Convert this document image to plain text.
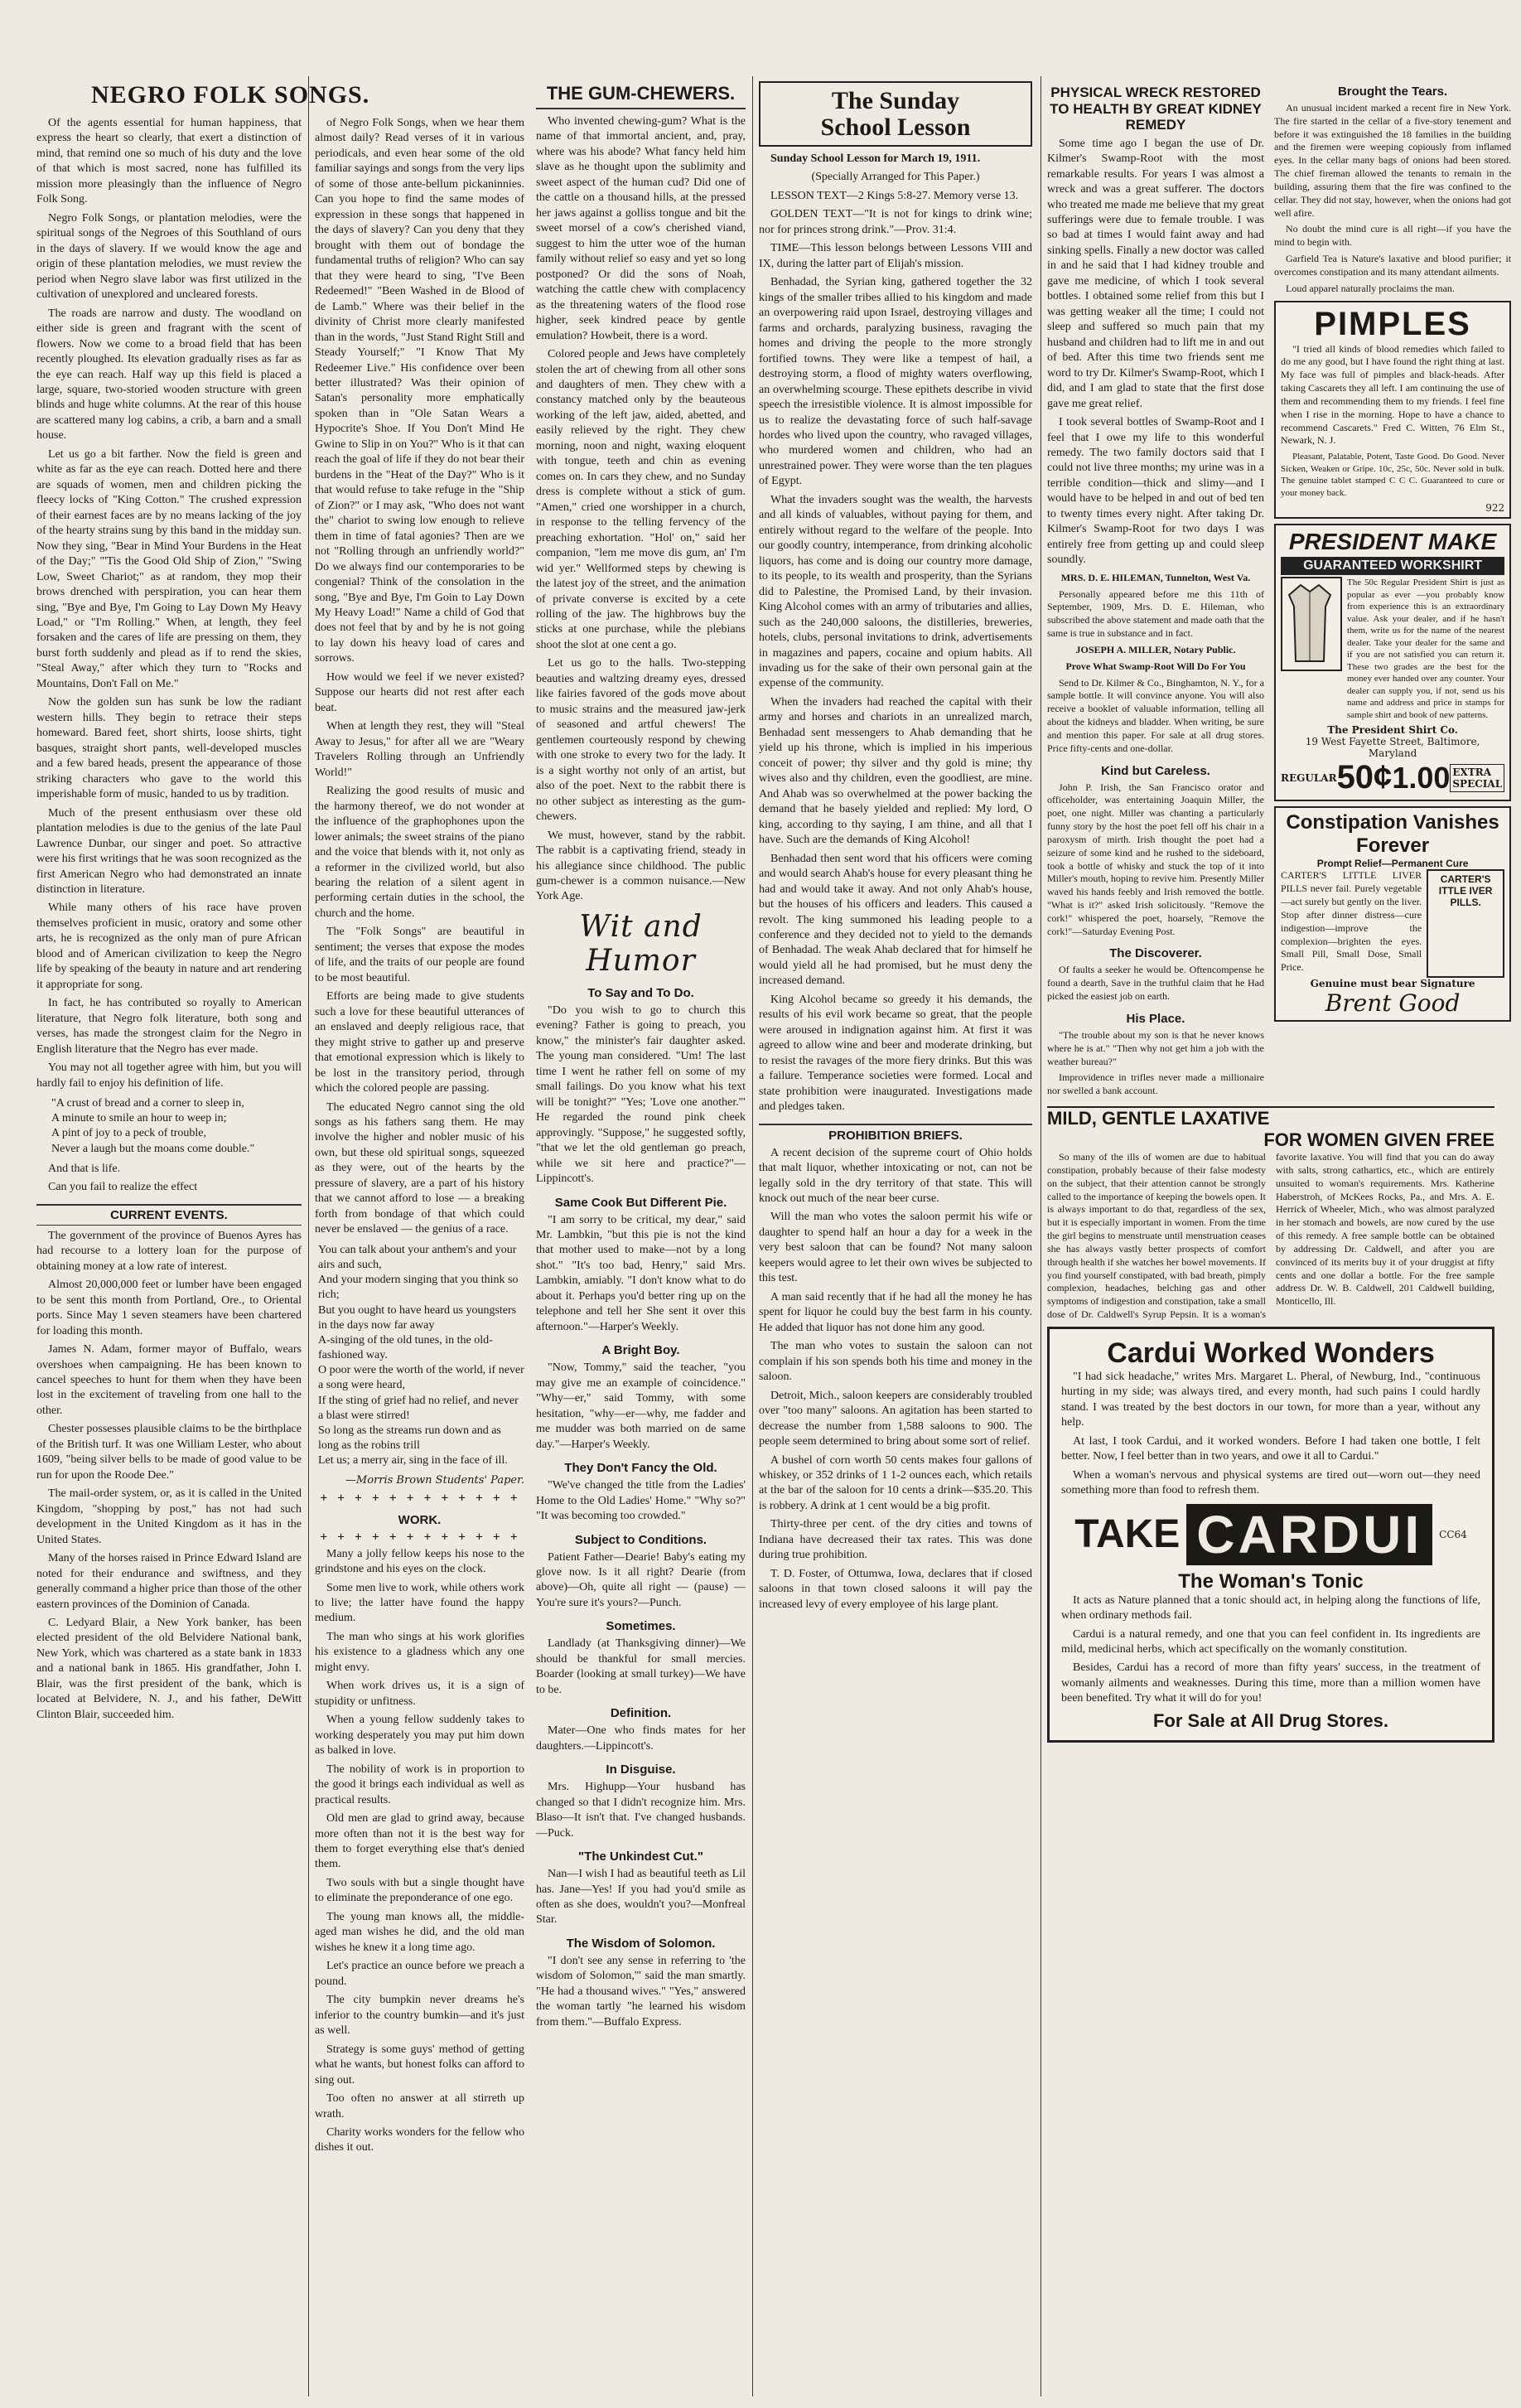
NEGRO FOLK SONGS.

Of the agents essential for human happiness, that express the heart so clearly, that exert a distinction of mind, that remind one so much of his duty and the love of that which is most sacred, none has fulfilled its mission more pleasingly than the influence of Negro Folk Song.

Negro Folk Songs, or plantation melodies, were the spiritual songs of the Negroes of this Southland of ours in the days of slavery. If we would know the age and origin of these plantation melodies, we must review the period when Negro slave labor was first utilized in the cultivation of unexplored and uncleared forests.

The roads are narrow and dusty. The woodland on either side is green and fragrant with the scent of flowers. Now we come to a broad field that has been recently ploughed. Its elevation gradually rises as far as the eye can reach. Half way up this field is placed a large, square, two-storied wooden structure with green blinds and huge white columns. At the rear of this house are scattered many log cabins, a crib, a barn and a small house.

Let us go a bit farther. Now the field is green and white as far as the eye can reach. Dotted here and there are squads of women, men and children picking the fleecy locks of "King Cotton." The crushed expression of their earnest faces are by no means lacking of the joy of the hearty strains sung by this band in the midday sun. Now they sing, "Bear in Mind Your Burdens in the Heat of the Day;" "'Tis the Good Old Ship of Zion," "Swing Low, Sweet Chariot;" as at random, they mop their brows drenched with perspiration, you can hear them sing, "Bye and Bye, I'm Going to Lay Down My Heavy Load," or "I'm Rolling." When, at length, they feel forsaken and the cares of life are pressing on them, they burst forth suddenly and plead as if to rend the skies, "Steal Away," after which they turn to "Rocks and Mountains, Don't Fall on Me."

Now the golden sun has sunk be low the radiant western hills. They begin to retrace their steps homeward. Bared feet, short shirts, loose shirts, tight basques, straight short pants, well-developed muscles and a few bared heads, present the appearance of those striking characters who gave to the world this imperishable form of music, handed to us by tradition.

Much of the present enthusiasm over these old plantation melodies is due to the genius of the late Paul Lawrence Dunbar, our singer and poet. So attractive were his first writings that he was soon recognized as the first American Negro who had demonstrated an innate distinction in literature.

While many others of his race have proven themselves proficient in music, oratory and some other arts, he is recognized as the only man of pure African blood and of American civilization to keep the Negro life by speaking of the beauty in nature and art rendering it appropriate for song.

In fact, he has contributed so royally to American literature, that Negro folk literature, both song and verses, has made the strongest claim for the Negro in English literature that the Negro has ever made.

You may not all together agree with him, but you will hardly fail to enjoy his definition of life.

"A crust of bread and a corner to sleep in,
A minute to smile an hour to weep in;
A pint of joy to a peck of trouble,
Never a laugh but the moans come double."

And that is life.

Can you fail to realize the effect

CURRENT EVENTS.

The government of the province of Buenos Ayres has had recourse to a lottery loan for the purpose of obtaining money at a low rate of interest.

Almost 20,000,000 feet or lumber have been engaged to be sent this month from Portland, Ore., to Oriental ports. Since May 1 seven steamers have been chartered for loading this month.

James N. Adam, former mayor of Buffalo, wears overshoes when campaigning. He has been known to cancel speeches to hunt for them when they have been lost in the excitement of traveling from one hall to the other.

Chester possesses plausible claims to be the birthplace of the British turf. It was one William Lester, who about 1609, "being silver bells to be made of good value to be run for upon the Roode Dee."

The mail-order system, or, as it is called in the United Kingdom, "shopping by post," has not had such development in the United Kingdom as it has in the United States.

Many of the horses raised in Prince Edward Island are noted for their endurance and swiftness, and they generally command a higher price than those of the other eastern provinces of the Dominion of Canada.

C. Ledyard Blair, a New York banker, has been elected president of the old Belvidere National bank, New York, which was chartered as a state bank in 1833 and a national bank in 1865. His grandfather, John I. Blair, was the first president of the bank, which is located at Belvidere, N. J., and his father, DeWitt Clinton Blair, succeeded him.

of Negro Folk Songs, when we hear them almost daily? Read verses of it in various periodicals, and even hear some of the old familiar sayings and songs from the very lips of some of those ante-bellum pickaninnies. Can you hope to find the same modes of expression in these songs that happened in the days of slavery? Can you deny that they brought with them out of bondage the fundamental truths of religion? Who can say that they were heard to sing, "I've Been Redeemed!" "Been Washed in de Blood of de Lamb." Where was their belief in the divinity of Christ more clearly manifested than in the words, "Just Stand Right Still and Steady Yourself;" "I Know That My Redeemer Live." His confidence over been better illustrated? Was their opinion of Satan's personality more emphatically spoken than in "Ole Satan Wears a Hypocrite's Shoe. If You Don't Mind He Gwine to Slip in on You?" Who is it that can reach the goal of life if they do not bear their burdens in the "Heat of the Day?" Who is it that would refuse to take refuge in the "Ship of Zion?" or I may ask, "Who does not want the" chariot to swing low enough to relieve them in time of fatal agonies? Then are we not "Rolling through an unfriendly world?" Do we always find our contemporaries to be congenial? Think of the consolation in the song, "Bye and Bye, I'm Goin to Lay Down My Heavy Load!" Name a child of God that does not feel that by and by he is not going to lay down his heavy load of cares and sorrows.

How would we feel if we never existed? Suppose our hearts did not rest after each beat.

When at length they rest, they will "Steal Away to Jesus," for after all we are "Weary Travelers Rolling through an Unfriendly World!"

Realizing the good results of music and the harmony thereof, we do not wonder at the influence of the graphophones upon the lower animals; the sweet strains of the piano and the voice that blends with it, not only as a reformer in the civilized world, but also bearing the relation of a silent agent in performing certain duties in the school, the church and the home.

The "Folk Songs" are beautiful in sentiment; the verses that expose the modes of life, and the traits of our people are found to be most beautiful.

Efforts are being made to give students such a love for these beautiful utterances of an enslaved and deeply religious race, that they might strive to gather up and preserve that emotional expression which is likely to be lost in the transitory period, through which the colored people are passing.

The educated Negro cannot sing the old songs as his fathers sang them. He may involve the higher and nobler music of his own, but these old spiritual songs, squeezed as they were, out of the hearts by the pressure of slavery, are a part of his history that we cannot afford to lose — a breaking forth from bondage of that which could never be enslaved — the genius of a race.

You can talk about your anthem's and your airs and such,
And your modern singing that you think so rich;
But you ought to have heard us youngsters in the days now far away
A-singing of the old tunes, in the old-fashioned way.
O poor were the worth of the world, if never a song were heard,
If the sting of grief had no relief, and never a blast were stirred!
So long as the streams run down and as long as the robins trill
Let us; a merry air, sing in the face of ill.
—Morris Brown Students' Paper.
+ + + + + + + + + + + +
WORK.
+ + + + + + + + + + + +

Many a jolly fellow keeps his nose to the grindstone and his eyes on the clock.

Some men live to work, while others work to live; the latter have found the happy medium.

The man who sings at his work glorifies his existence to a gladness which any one might envy.

When work drives us, it is a sign of stupidity or unfitness.

When a young fellow suddenly takes to working desperately you may put him down as balked in love.

The nobility of work is in proportion to the good it brings each individual as well as practical results.

Old men are glad to grind away, because more often than not it is the best way for them to forget everything else that's denied them.

Two souls with but a single thought have to eliminate the preponderance of one ego.

The young man knows all, the middle-aged man wishes he did, and the old man wishes he knew it a long time ago.

Let's practice an ounce before we preach a pound.

The city bumpkin never dreams he's inferior to the country bumkin—and it's just as well.

Strategy is some guys' method of getting what he wants, but honest folks can afford to sing out.

Too often no answer at all stirreth up wrath.

Charity works wonders for the fellow who dishes it out.

THE GUM-CHEWERS.

Who invented chewing-gum? What is the name of that immortal ancient, and, pray, where was his abode? What fancy held him slave as he thought upon the sublimity and sweet aspect of the human cud? Did one of the cattle on a thousand hills, at the pressed her jaws against a golliss tongue and bit the sweet morsel of a cow's cherished viand, suggest to him the utter woe of the human family without relief so easy and yet so long postponed? Or did the sons of Noah, watching the cattle chew with complacency as the threatening waters of the flood rose higher, seek kindred peace by gentle emulation? Howbeit, there is a word.

Colored people and Jews have completely stolen the art of chewing from all other sons and daughters of men. They chew with a constancy matched only by the beauteous working of the left jaw, aided, abetted, and easily relieved by the right. They chew morning, noon and night, waxing eloquent with tongue, teeth and chin as evening comes on. In cars they chew, and no Sunday dress is complete without a stick of gum. "Amen," cried one worshipper in a church, in response to the telling fervency of the preaching exhortation. "Hol' on," said her companion, "lem me move dis gum, an' I'm wid yer." Wellformed steps by chewing is the latest joy of the street, and the animation of private converse is excited by a cete rolling of the jaw. The highbrows buy the sticks at one purchase, while the plebians shoot the slot at one cent a go.

Let us go to the halls. Two-stepping beauties and waltzing dreamy eyes, dressed like fairies favored of the gods move about to music strains and the measured jaw-jerk of seasoned and artful chewers! The gentlemen courteously respond by chewing with one stroke to every two for the lady. It is a sight worthy not only of an artist, but also of the poet. Next to the rabbit there is no other subject as interesting as the gum-chewers.

We must, however, stand by the rabbit. The rabbit is a captivating friend, steady in his allegiance since childhood. The public gum-chewer is a common nuisance.—New York Age.

Wit and Humor
To Say and To Do.

"Do you wish to go to church this evening? Father is going to preach, you know," the minister's fair daughter asked. The young man considered. "Um! The last time I went he rather fell on some of my small failings. Do you know what his text will be tonight?" "Yes; 'Love one another.'" He regarded the round pink cheek approvingly. "Suppose," he suggested softly, "that we let the old gentleman go preach, while we sit here and practice?"—Lippincott's.

Same Cook But Different Pie.

"I am sorry to be critical, my dear," said Mr. Lambkin, "but this pie is not the kind that mother used to make—not by a long shot." "It's too bad, Henry," said Mrs. Lambkin, amiably. "I don't know what to do about it. Perhaps you'd better ring up on the telephone and tell her She sent it over this afternoon."—Harper's Weekly.

A Bright Boy.

"Now, Tommy," said the teacher, "you may give me an example of coincidence." "Why—er," said Tommy, with some hesitation, "why—er—why, me fadder and me mudder was both married on de same day."—Harper's Weekly.

They Don't Fancy the Old.

"We've changed the title from the Ladies' Home to the Old Ladies' Home." "Why so?" "It was becoming too crowded."

Subject to Conditions.

Patient Father—Dearie! Baby's eating my glove now. Is it all right? Dearie (from above)—Oh, quite all right — (pause) — You're sure it's yours?—Punch.

Sometimes.

Landlady (at Thanksgiving dinner)—We should be thankful for small mercies. Boarder (looking at small turkey)—We have to be.

Definition.

Mater—One who finds mates for her daughters.—Lippincott's.

In Disguise.

Mrs. Highupp—Your husband has changed so that I didn't recognize him. Mrs. Blaso—It isn't that. I've changed husbands.—Puck.

"The Unkindest Cut."

Nan—I wish I had as beautiful teeth as Lil has. Jane—Yes! If you had you'd smile as often as she does, wouldn't you?—Monfreal Star.

The Wisdom of Solomon.

"I don't see any sense in referring to 'the wisdom of Solomon,'" said the man smartly. "He had a thousand wives." "Yes," answered the woman tartly "he learned his wisdom from them."—Buffalo Express.

The Sunday
School Lesson

Sunday School Lesson for March 19, 1911.

(Specially Arranged for This Paper.)

LESSON TEXT—2 Kings 5:8-27. Memory verse 13.

GOLDEN TEXT—"It is not for kings to drink wine; nor for princes strong drink."—Prov. 31:4.

TIME—This lesson belongs between Lessons VIII and IX, during the latter part of Elijah's mission.

Benhadad, the Syrian king, gathered together the 32 kings of the smaller tribes allied to his kingdom and made an overpowering raid upon Israel, destroying villages and farms and orchards, paralyzing business, ravaging the homes and driving the people to the more strongly fortified towns. They were like a tempest of hail, a destroying storm, a flood of mighty waters overflowing, an overwhelming scourge. These epithets describe in vivid speech the irresistible violence. It is almost impossible for us to realize the devastating force of such half-savage hordes who lived upon the country, who ravaged villages, who murdered women and children, who had an unrestrained power. They were worse than the ten plagues of Egypt.

What the invaders sought was the wealth, the harvests and all kinds of valuables, without paying for them, and entirely without regard to the welfare of the people. Into our goodly country, intemperance, from drinking alcoholic liquors, has come and is doing our country more damage, to its people, to its wealth and prosperity, than the Syrians did to Palestine, the Promised Land, by their invasion. King Alcohol comes with an army of tributaries and allies, such as the 240,000 saloons, the distilleries, breweries, hotels, clubs, personal invitations to drink, advertisements in magazines and papers, cocaine and opium habits. All invading us for the sake of their own personal gain at the expense of the community.

When the invaders had reached the capital with their army and horses and chariots in an unrealized march, Benhadad sent messengers to Ahab demanding that he yield up his throne, which is implied in his imperious conceit of power; thy silver and thy gold is mine; thy wives also and thy children, even the goodliest, are mine. And Ahab was so overwhelmed at the power backing the demand that he basely yielded and replied: My lord, O king, according to thy saying, I am thine, and all that I have. Such are the demands of King Alcohol!

Benhadad then sent word that his officers were coming and would search Ahab's house for every pleasant thing he had and would take it away. And not only Ahab's house, but the houses of his officers and leaders. This caused a revolt. The king summoned his leading people to a conference and they decided not to yield to the demands of Benhadad. The weak Ahab declared that for himself he would yield all he had promised, but he must deny the increased demand.

King Alcohol became so greedy it his demands, the results of his evil work became so great, that the people were aroused in indignation against him. At first it was agreed to allow wine and beer and moderate drinking, but to resist the ravages of the more fiery drinks. But this was a failure. Temperance societies were formed. Local and state prohibition were inaugurated. Investigations made and pledges taken.

PROHIBITION BRIEFS.

A recent decision of the supreme court of Ohio holds that malt liquor, whether intoxicating or not, can not be legally sold in the dry territory of that state. This will knock out much of the near beer curse.

Will the man who votes the saloon permit his wife or daughter to spend half an hour a day for a week in the very best saloon that can be found? Not many saloon keepers would agree to let their own wives be subjected to this test.

A man said recently that if he had all the money he has spent for liquor he could buy the best farm in his county. He added that liquor has not done him any good.

The man who votes to sustain the saloon can not complain if his son spends both his time and money in the saloon.

Detroit, Mich., saloon keepers are considerably troubled over "too many" saloons. An agitation has been started to decrease the number from 1,588 saloons to 900. The people seem determined to bring about some sort of relief.

A bushel of corn worth 50 cents makes four gallons of whiskey, or 352 drinks of 1 1-2 ounces each, which retails at the bar of the saloon for 10 cents a drink—$35.20. This is robbery. A drink at 1 cent would be a big profit.

Thirty-three per cent. of the dry cities and towns of Indiana have decreased their tax rates. This was done during true prohibition.

T. D. Foster, of Ottumwa, Iowa, declares that if closed saloons in that town closed saloons it will pay the increased levy of every employee of his large plant.

PHYSICAL WRECK RESTORED TO HEALTH BY GREAT KIDNEY REMEDY

Some time ago I began the use of Dr. Kilmer's Swamp-Root with the most remarkable results. For years I was almost a wreck and was a great sufferer. The doctors who treated me made me believe that my great sufferings were due to female trouble. I was so bad at times I would faint away and had sinking spells. Finally a new doctor was called in and he said that I had kidney trouble and gave me medicine, of which I took several bottles. I obtained some relief from this but I was getting weaker all the time; I could not sleep and suffered so much pain that my husband and children had to lift me in and out of bed. After this time two friends sent me word to try Dr. Kilmer's Swamp-Root, which I did, and I am glad to state that the first dose gave me great relief.

I took several bottles of Swamp-Root and I feel that I owe my life to this wonderful remedy. The two family doctors said that I could not live three months; my urine was in a terrible condition—thick and slimy—and I would have to be helped in and out of bed ten to twenty times every night. After taking Dr. Kilmer's Swamp-Root for two days I was entirely free from getting up and could sleep soundly.

MRS. D. E. HILEMAN, Tunnelton, West Va.

Personally appeared before me this 11th of September, 1909, Mrs. D. E. Hileman, who subscribed the above statement and made oath that the same is true in substance and in fact.

JOSEPH A. MILLER, Notary Public.

Prove What Swamp-Root Will Do For You

Send to Dr. Kilmer & Co., Binghamton, N. Y., for a sample bottle. It will convince anyone. You will also receive a booklet of valuable information, telling all about the kidneys and bladder. When writing, be sure and mention this paper. For sale at all drug stores. Price fifty-cents and one-dollar.

Kind but Careless.

John P. Irish, the San Francisco orator and officeholder, was entertaining Joaquin Miller, the poet, one night. Miller was chanting a particularly funny story by the host the poet fell off his chair in a paroxysm of mirth. Irish thought the poet had a seizure of some kind and he rushed to the sideboard, took a bottle of whisky and stuck the top of it into Miller's mouth, hoping to revive him. Presently Miller waved his hands feebly and Irish removed the bottle. "What is it?" asked Irish solicitously. "Remove the cork!" whispered the poet, hoarsely, "Remove the cork!"—Saturday Evening Post.

The Discoverer.

Of faults a seeker he would be. Oftencompense he found a dearth, Save in the truthful claim that he Had picked the easiest job on earth.

His Place.

"The trouble about my son is that he never knows where he is at." "Then why not get him a job with the weather bureau?"

Improvidence in trifles never made a millionaire nor swelled a bank account.

Brought the Tears.

An unusual incident marked a recent fire in New York. The fire started in the cellar of a five-story tenement and before it was extinguished the 18 families in the building and the firemen were weeping copiously from inflamed eyes. In the cellar many bags of onions had been stored. The chief fireman allowed the tenants to remain in the building, assuring them that the fire was confined to the cellar. They did not stay, however, when the onions had got well afire.

No doubt the mind cure is all right—if you have the mind to begin with.

Garfield Tea is Nature's laxative and blood purifier; it overcomes constipation and its many attendant ailments.

Loud apparel naturally proclaims the man.

PIMPLES

"I tried all kinds of blood remedies which failed to do me any good, but I have found the right thing at last. My face was full of pimples and black-heads. After taking Cascarets they all left. I am continuing the use of them and recommending them to my friends. I feel fine when I rise in the morning. Hope to have a chance to recommend Cascarets." Fred C. Witten, 76 Elm St., Newark, N. J.

Pleasant, Palatable, Potent, Taste Good. Do Good. Never Sicken, Weaken or Gripe. 10c, 25c, 50c. Never sold in bulk. The genuine tablet stamped C C C. Guaranteed to cure or your money back.

922
PRESIDENT MAKE
GUARANTEED WORKSHIRT

The 50c Regular President Shirt is just as popular as ever —you probably know from experience this is an extraordinary value. Ask your dealer, and if he hasn't them, write us for the name of the nearest dealer. Take your dealer for the same and if you are not satisfied you can return it. These two grades are the best for the money ever handed over any counter. Your dealer can supply you, if not, send us his name and address and price in stamps for sample shirt and book of new patterns.

The President Shirt Co.
19 West Fayette Street, Baltimore, Maryland
REGULAR 50¢ 1.00 EXTRA SPECIAL
Constipation Vanishes Forever
Prompt Relief—Permanent Cure

CARTER'S LITTLE LIVER PILLS never fail. Purely vegetable—act surely but gently on the liver. Stop after dinner distress—cure indigestion—improve the complexion—brighten the eyes. Small Pill, Small Dose, Small Price.

CARTER'S ITTLE IVER PILLS.
Genuine must bear Signature
Brent Good
MILD, GENTLE LAXATIVE
FOR WOMEN GIVEN FREE

So many of the ills of women are due to habitual constipation, probably because of their false modesty on the subject, that their attention cannot be strongly called to the importance of keeping the bowels open. It is always important to do that, regardless of the sex, but it is especially important in women. From the time the girl begins to menstruate until menstruation ceases she has always vastly better prospects of comfort through health if she watches her bowel movements. If you find yourself constipated, with bad breath, pimply complexion, headaches, belching gas and other symptoms of indigestion and constipation, take a small dose of Dr. Caldwell's Syrup Pepsin. It is a woman's favorite laxative. You will find that you can do away with salts, strong cathartics, etc., which are entirely unsuited to woman's requirements. Mrs. Katherine Haberstroh, of McKees Rocks, Pa., and Mrs. A. E. Herrick of Wheeler, Mich., who was almost paralyzed in her stomach and bowels, are now cured by the use of this remedy. A free sample bottle can be obtained by addressing Dr. Caldwell, and after you are convinced of its merits buy it of your druggist at fifty cents and one dollar a bottle. For the free sample address Dr. W. B. Caldwell, 201 Caldwell building, Monticello, Ill.

Cardui Worked Wonders

"I had sick headache," writes Mrs. Margaret L. Pheral, of Newburg, Ind., "continuous hurting in my side; was always tired, and every month, had such pains I could hardly stand. I was treated by the best doctors in our town, for more than a year, without any help.

At last, I took Cardui, and it worked wonders. Before I had taken one bottle, I felt better. Now, I feel better than in two years, and owe it all to Cardui."

When a woman's nervous and physical systems are tired out—worn out—they need something more than food to refresh them.

TAKE CARDUI	CC64
The Woman's Tonic

It acts as Nature planned that a tonic should act, in helping along the functions of life, when ordinary methods fail.

Cardui is a natural remedy, and one that you can feel confident in. Its ingredients are mild, medicinal herbs, which act specifically on the womanly constitution.

Besides, Cardui has a record of more than fifty years' success, in the treatment of womanly ailments and weaknesses. During this time, more than a million women have been benefited. Try what it will do for you!

For Sale at All Drug Stores.
